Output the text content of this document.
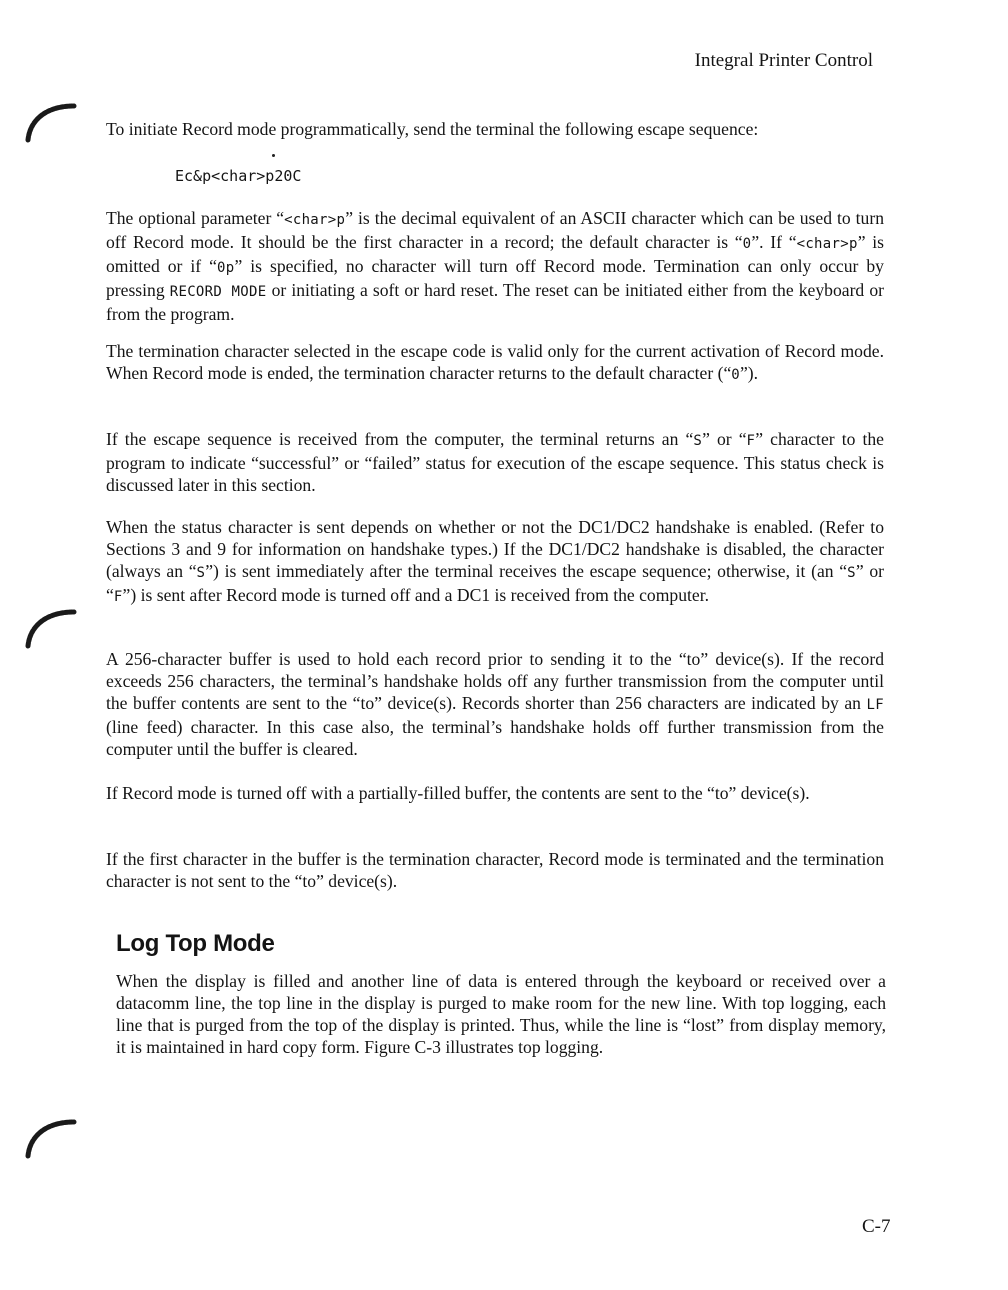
Integral Printer Control

To initiate Record mode programmatically, send the terminal the following escape sequence:

Ec&p<char>p20C

The optional parameter “<char>p” is the decimal equivalent of an ASCII character which can be used to turn off Record mode. It should be the first character in a record; the default character is “0”. If “<char>p” is omitted or if “0p” is specified, no character will turn off Record mode. Termination can only occur by pressing RECORD MODE or initiating a soft or hard reset. The reset can be initiated either from the keyboard or from the program.

The termination character selected in the escape code is valid only for the current activation of Record mode. When Record mode is ended, the termination character returns to the default character (“0”).

If the escape sequence is received from the computer, the terminal returns an “S” or “F” character to the program to indicate “successful” or “failed” status for execution of the escape sequence. This status check is discussed later in this section.

When the status character is sent depends on whether or not the DC1/DC2 handshake is enabled. (Refer to Sections 3 and 9 for information on handshake types.) If the DC1/DC2 handshake is disabled, the character (always an “S”) is sent immediately after the terminal receives the escape sequence; otherwise, it (an “S” or “F”) is sent after Record mode is turned off and a DC1 is received from the computer.

A 256-character buffer is used to hold each record prior to sending it to the “to” device(s). If the record exceeds 256 characters, the terminal’s handshake holds off any further transmission from the computer until the buffer contents are sent to the “to” device(s). Records shorter than 256 characters are indicated by an LF (line feed) character. In this case also, the terminal’s handshake holds off further transmission from the computer until the buffer is cleared.

If Record mode is turned off with a partially-filled buffer, the contents are sent to the “to” device(s).

If the first character in the buffer is the termination character, Record mode is terminated and the termination character is not sent to the “to” device(s).

Log Top Mode

When the display is filled and another line of data is entered through the keyboard or received over a datacomm line, the top line in the display is purged to make room for the new line. With top logging, each line that is purged from the top of the display is printed. Thus, while the line is “lost” from display memory, it is maintained in hard copy form. Figure C-3 illustrates top logging.

C-7
